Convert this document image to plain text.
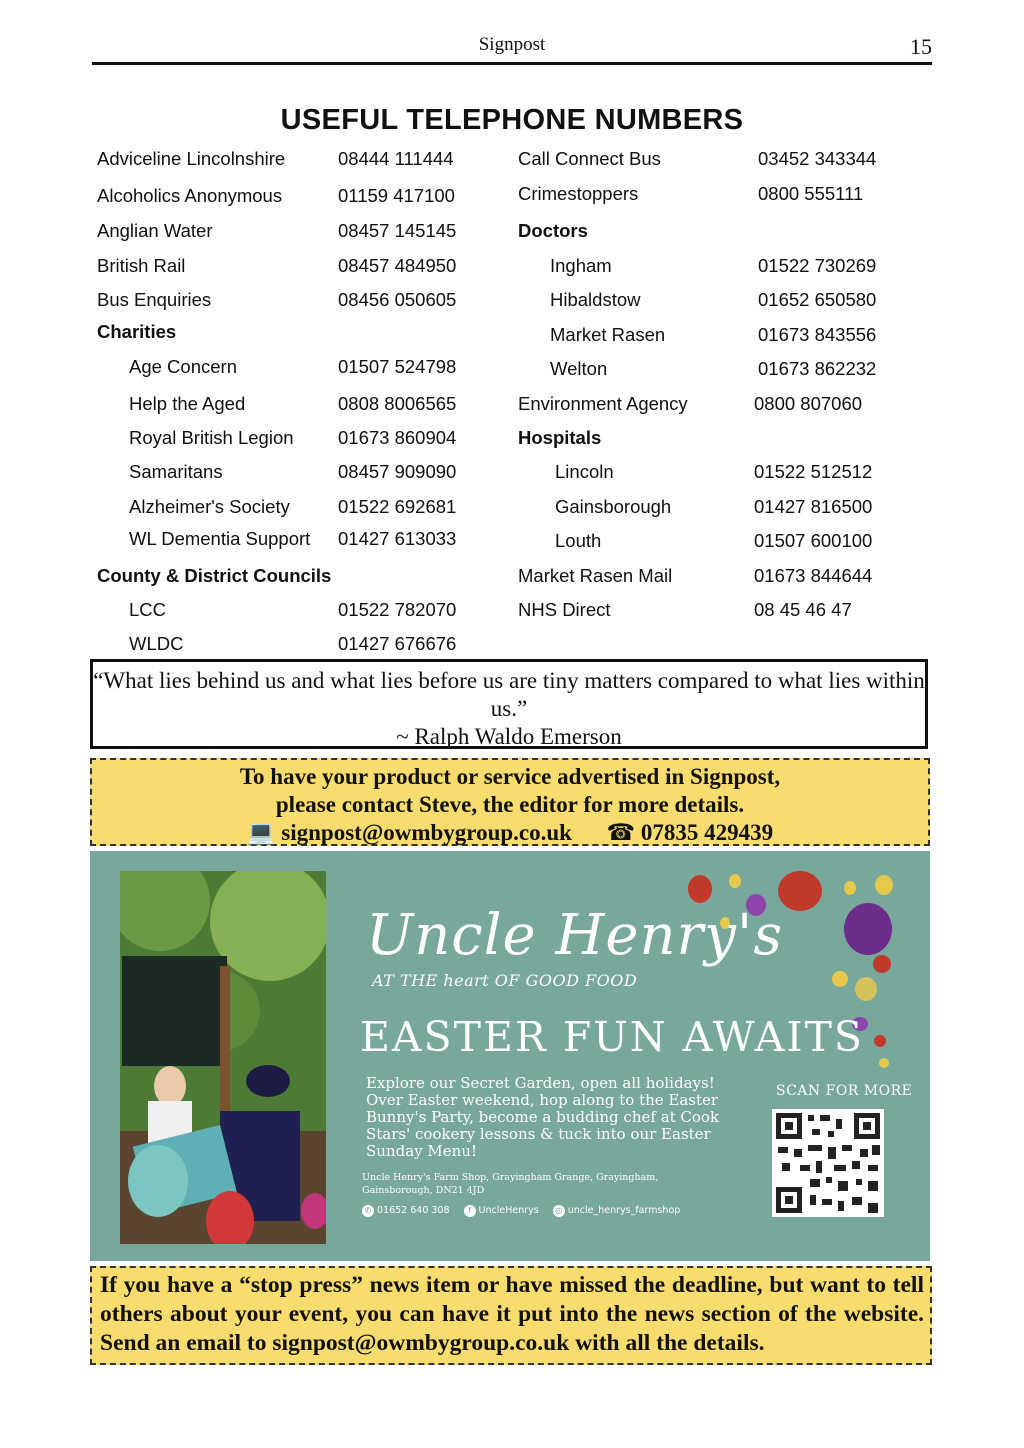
Signpost	15
USEFUL TELEPHONE NUMBERS
Adviceline Lincolnshire	08444 111444
Alcoholics Anonymous	01159 417100
Anglian Water	08457 145145
British Rail	08457 484950
Bus Enquiries	08456 050605
Charities
Age Concern	01507 524798
Help the Aged	0808 8006565
Royal British Legion 01673 860904
Samaritans	08457 909090
Alzheimer's Society	01522 692681
WL Dementia Support 01427 613033
County & District Councils
LCC	01522 782070
WLDC	01427 676676
Call Connect Bus	03452 343344
Crimestoppers	0800 555111
Doctors
Ingham	01522 730269
Hibaldstow	01652 650580
Market Rasen	01673 843556
Welton	01673 862232
Environment Agency	0800 807060
Hospitals
Lincoln	01522 512512
Gainsborough	01427 816500
Louth	01507 600100
Market Rasen Mail	01673 844644
NHS Direct	08 45 46 47
“What lies behind us and what lies before us are tiny matters compared to what lies within us.”
~ Ralph Waldo Emerson
To have your product or service advertised in Signpost,
please contact Steve, the editor for more details.
💻 signpost@owmbygroup.co.uk ☎ 07835 429439
Uncle Henry's
AT THE heart OF GOOD FOOD
EASTER FUN AWAITS
Explore our Secret Garden, open all holidays! Over Easter weekend, hop along to the Easter Bunny's Party, become a budding chef at Cook Stars' cookery lessons & tuck into our Easter Sunday Menu!
Uncle Henry's Farm Shop, Grayingham Grange, Grayingham, Gainsborough, DN21 4JD
✆ 01652 640 308	f UncleHenrys	◎ uncle_henrys_farmshop
SCAN FOR MORE
If you have a “stop press” news item or have missed the deadline, but want to tell others about your event, you can have it put into the news section of the website. Send an email to signpost@owmbygroup.co.uk with all the details.
